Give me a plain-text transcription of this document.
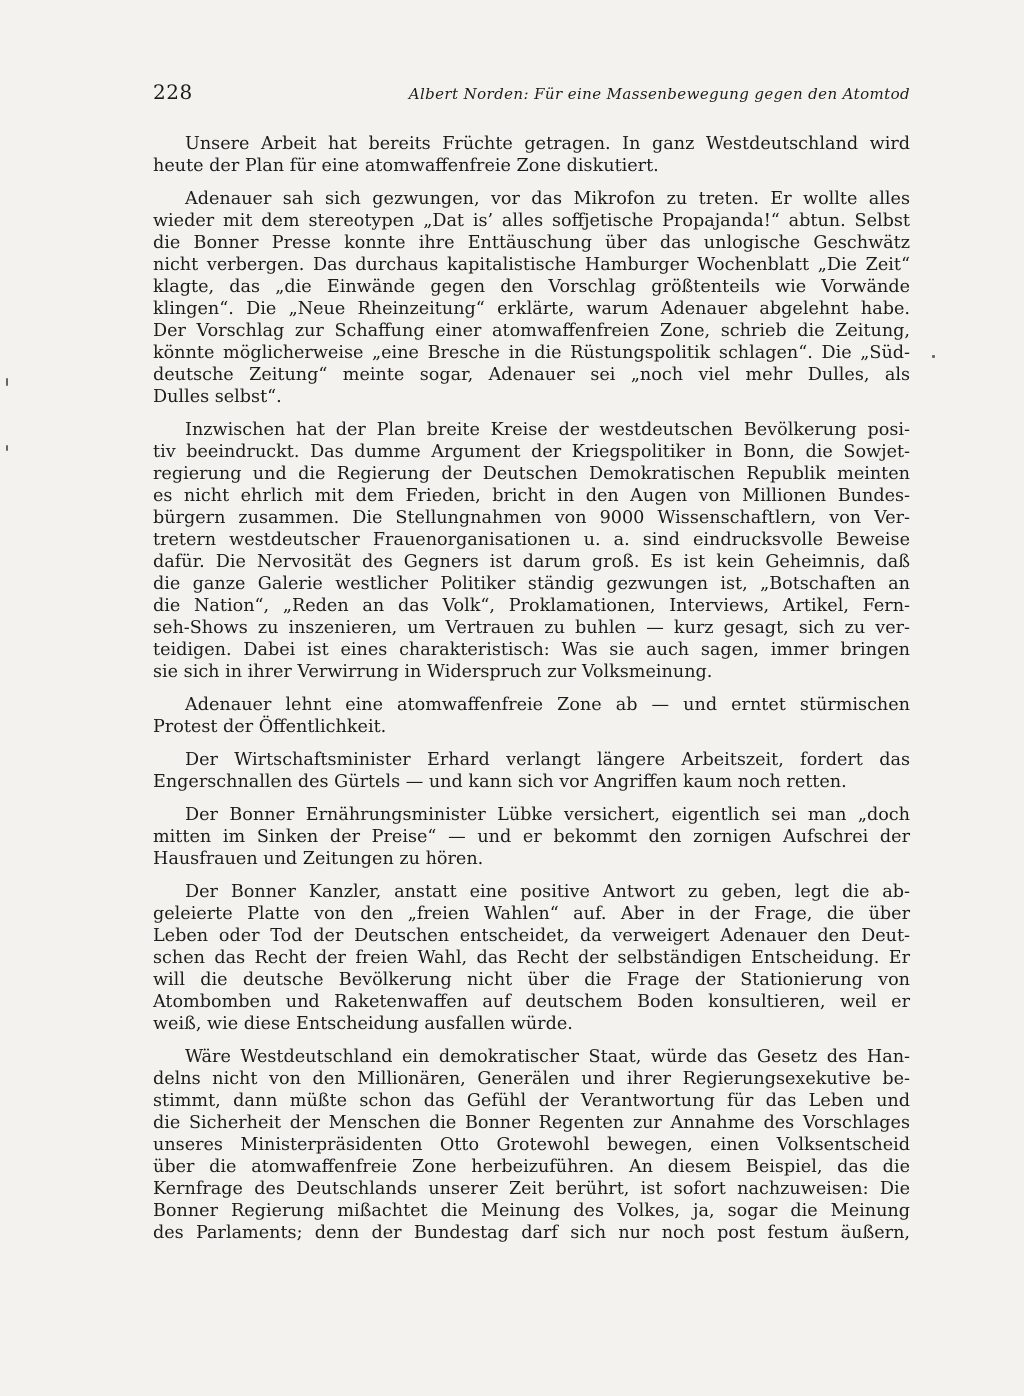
228	Albert Norden: Für eine Massenbewegung gegen den Atomtod
Unsere Arbeit hat bereits Früchte getragen. In ganz Westdeutschland wird
heute der Plan für eine atomwaffenfreie Zone diskutiert.
Adenauer sah sich gezwungen, vor das Mikrofon zu treten. Er wollte alles
wieder mit dem stereotypen „Dat is’ alles soffjetische Propajanda!“ abtun. Selbst
die Bonner Presse konnte ihre Enttäuschung über das unlogische Geschwätz
nicht verbergen. Das durchaus kapitalistische Hamburger Wochenblatt „Die Zeit“
klagte, das „die Einwände gegen den Vorschlag größtenteils wie Vorwände
klingen“. Die „Neue Rheinzeitung“ erklärte, warum Adenauer abgelehnt habe.
Der Vorschlag zur Schaffung einer atomwaffenfreien Zone, schrieb die Zeitung,
könnte möglicherweise „eine Bresche in die Rüstungspolitik schlagen“. Die „Süd-
deutsche Zeitung“ meinte sogar, Adenauer sei „noch viel mehr Dulles, als
Dulles selbst“.
Inzwischen hat der Plan breite Kreise der westdeutschen Bevölkerung posi-
tiv beeindruckt. Das dumme Argument der Kriegspolitiker in Bonn, die Sowjet-
regierung und die Regierung der Deutschen Demokratischen Republik meinten
es nicht ehrlich mit dem Frieden, bricht in den Augen von Millionen Bundes-
bürgern zusammen. Die Stellungnahmen von 9000 Wissenschaftlern, von Ver-
tretern westdeutscher Frauenorganisationen u. a. sind eindrucksvolle Beweise
dafür. Die Nervosität des Gegners ist darum groß. Es ist kein Geheimnis, daß
die ganze Galerie westlicher Politiker ständig gezwungen ist, „Botschaften an
die Nation“, „Reden an das Volk“, Proklamationen, Interviews, Artikel, Fern-
seh-Shows zu inszenieren, um Vertrauen zu buhlen — kurz gesagt, sich zu ver-
teidigen. Dabei ist eines charakteristisch: Was sie auch sagen, immer bringen
sie sich in ihrer Verwirrung in Widerspruch zur Volksmeinung.
Adenauer lehnt eine atomwaffenfreie Zone ab — und erntet stürmischen
Protest der Öffentlichkeit.
Der Wirtschaftsminister Erhard verlangt längere Arbeitszeit, fordert das
Engerschnallen des Gürtels — und kann sich vor Angriffen kaum noch retten.
Der Bonner Ernährungsminister Lübke versichert, eigentlich sei man „doch
mitten im Sinken der Preise“ — und er bekommt den zornigen Aufschrei der
Hausfrauen und Zeitungen zu hören.
Der Bonner Kanzler, anstatt eine positive Antwort zu geben, legt die ab-
geleierte Platte von den „freien Wahlen“ auf. Aber in der Frage, die über
Leben oder Tod der Deutschen entscheidet, da verweigert Adenauer den Deut-
schen das Recht der freien Wahl, das Recht der selbständigen Entscheidung. Er
will die deutsche Bevölkerung nicht über die Frage der Stationierung von
Atombomben und Raketenwaffen auf deutschem Boden konsultieren, weil er
weiß, wie diese Entscheidung ausfallen würde.
Wäre Westdeutschland ein demokratischer Staat, würde das Gesetz des Han-
delns nicht von den Millionären, Generälen und ihrer Regierungsexekutive be-
stimmt, dann müßte schon das Gefühl der Verantwortung für das Leben und
die Sicherheit der Menschen die Bonner Regenten zur Annahme des Vorschlages
unseres Ministerpräsidenten Otto Grotewohl bewegen, einen Volksentscheid
über die atomwaffenfreie Zone herbeizuführen. An diesem Beispiel, das die
Kernfrage des Deutschlands unserer Zeit berührt, ist sofort nachzuweisen: Die
Bonner Regierung mißachtet die Meinung des Volkes, ja, sogar die Meinung
des Parlaments; denn der Bundestag darf sich nur noch post festum äußern,
